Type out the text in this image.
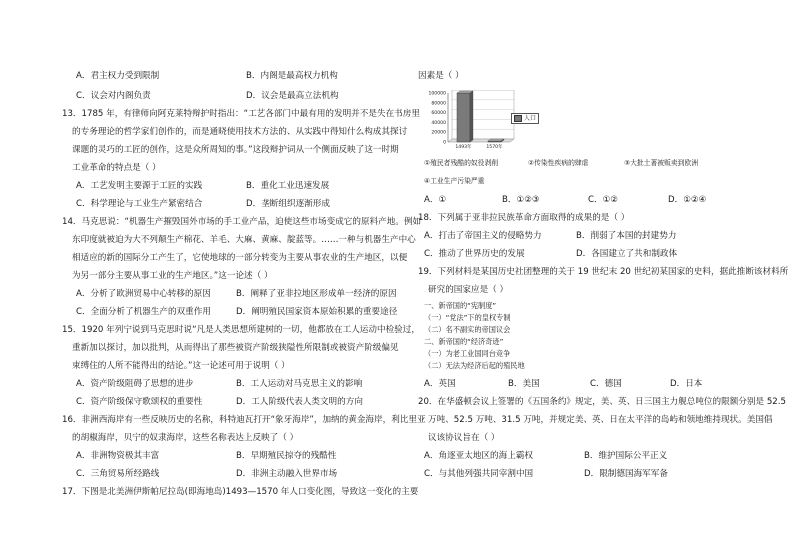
A．君主权力受到限制	B．内阁是最高权力机构
C．议会对内阁负责	D．议会是最高立法机构
13．1785 年，有律师向阿克莱特辩护时指出：“工艺各部门中最有用的发明并不是失在书房里
的专务理论的哲学家们创作的，而是通晓使用技术方法的、从实践中得知什么构成其探讨
课题的灵巧的工匠的创作，这是众所周知的事。”这段辩护词从一个侧面反映了这一时期
工业革命的特点是（ ）
A．工艺发明主要源于工匠的实践	B．重化工业迅速发展
C．科学理论与工业生产紧密结合	D．垄断组织逐渐形成
14．马克思说：“机器生产摧毁国外市场的手工业产品，迫使这些市场变成它的原料产地。例如
东印度就被迫为大不列颠生产棉花、羊毛、大麻、黄麻、靛蓝等。……一种与机器生产中心
相适应的新的国际分工产生了，它使地球的一部分转变为主要从事农业的生产地区，以便
为另一部分主要从事工业的生产地区。”这一论述（ ）
A．分析了欧洲贸易中心转移的原因	B．阐释了亚非拉地区形成单一经济的原因
C．全面分析了机器生产的双重作用	D．阐明殖民国家资本原始积累的重要途径
15．1920 年列宁说到马克思时说“凡是人类思想所建树的一切，他都放在工人运动中检验过，
重新加以探讨，加以批判，从而得出了那些被资产阶级狭隘性所限制或被资产阶级偏见
束缚住的人所不能得出的结论。”这一论述可用于说明（ ）
A．资产阶级阻碍了思想的进步	B．工人运动对马克思主义的影响
C．资产阶级保守歌颂权的重要性	D．工人阶级代表人类文明的方向
16．非洲西海岸有一些反映历史的名称，科特迪瓦打开“象牙海岸”，加纳的黄金海岸，利比里亚
的胡椒海岸，贝宁的奴隶海岸，这些名称表达上反映了（ ）
A．非洲物资极其丰富	B．早期殖民掠夺的残酷性
C．三角贸易所经路线	D．非洲主动融入世界市场
17．下图是北美洲伊斯帕尼拉岛(即海地岛)1493—1570 年人口变化图，导致这一变化的主要
因素是（ ）
100000
80000
60000
40000
20000
0
1493年	1570年
人口
①殖民者残酷的奴役剥削	②传染性疾病的肆虐	③大批土著被贩卖到欧洲
④工业生产污染严重
A．①	B．①②③	C．①②	D．①②④
18．下列属于亚非拉民族革命方面取得的成果的是（ ）
A．打击了帝国主义的侵略势力	B．削弱了本国的封建势力
C．推动了世界历史的发展	D．各国建立了共和制政体
19．下列材料是某国历史社团整理的关于 19 世纪末 20 世纪初某国家的史料，据此推断该材料所
研究的国家应是（ ）
一、新帝国的“宪制度”
（一）“党法”下的皇权专制
（二）名不副实的帝国议会
二、新帝国的“经济奇迹”
（一）为老工业国同台竞争
（二）无法为经济后起的殖民地
A．英国	B．美国	C．德国	D．日本
20．在华盛顿会议上签署的《五国条约》规定，美、英、日三国主力舰总吨位的限额分别是 52.5
万吨、52.5 万吨、31.5 万吨，并规定美、英、日在太平洋的岛屿和领地维持现状。美国倡
议该协议旨在（ ）
A．角逐亚太地区的海上霸权	B．维护国际公平正义
C．与其他列强共同宰割中国	D．限制德国海军军备
